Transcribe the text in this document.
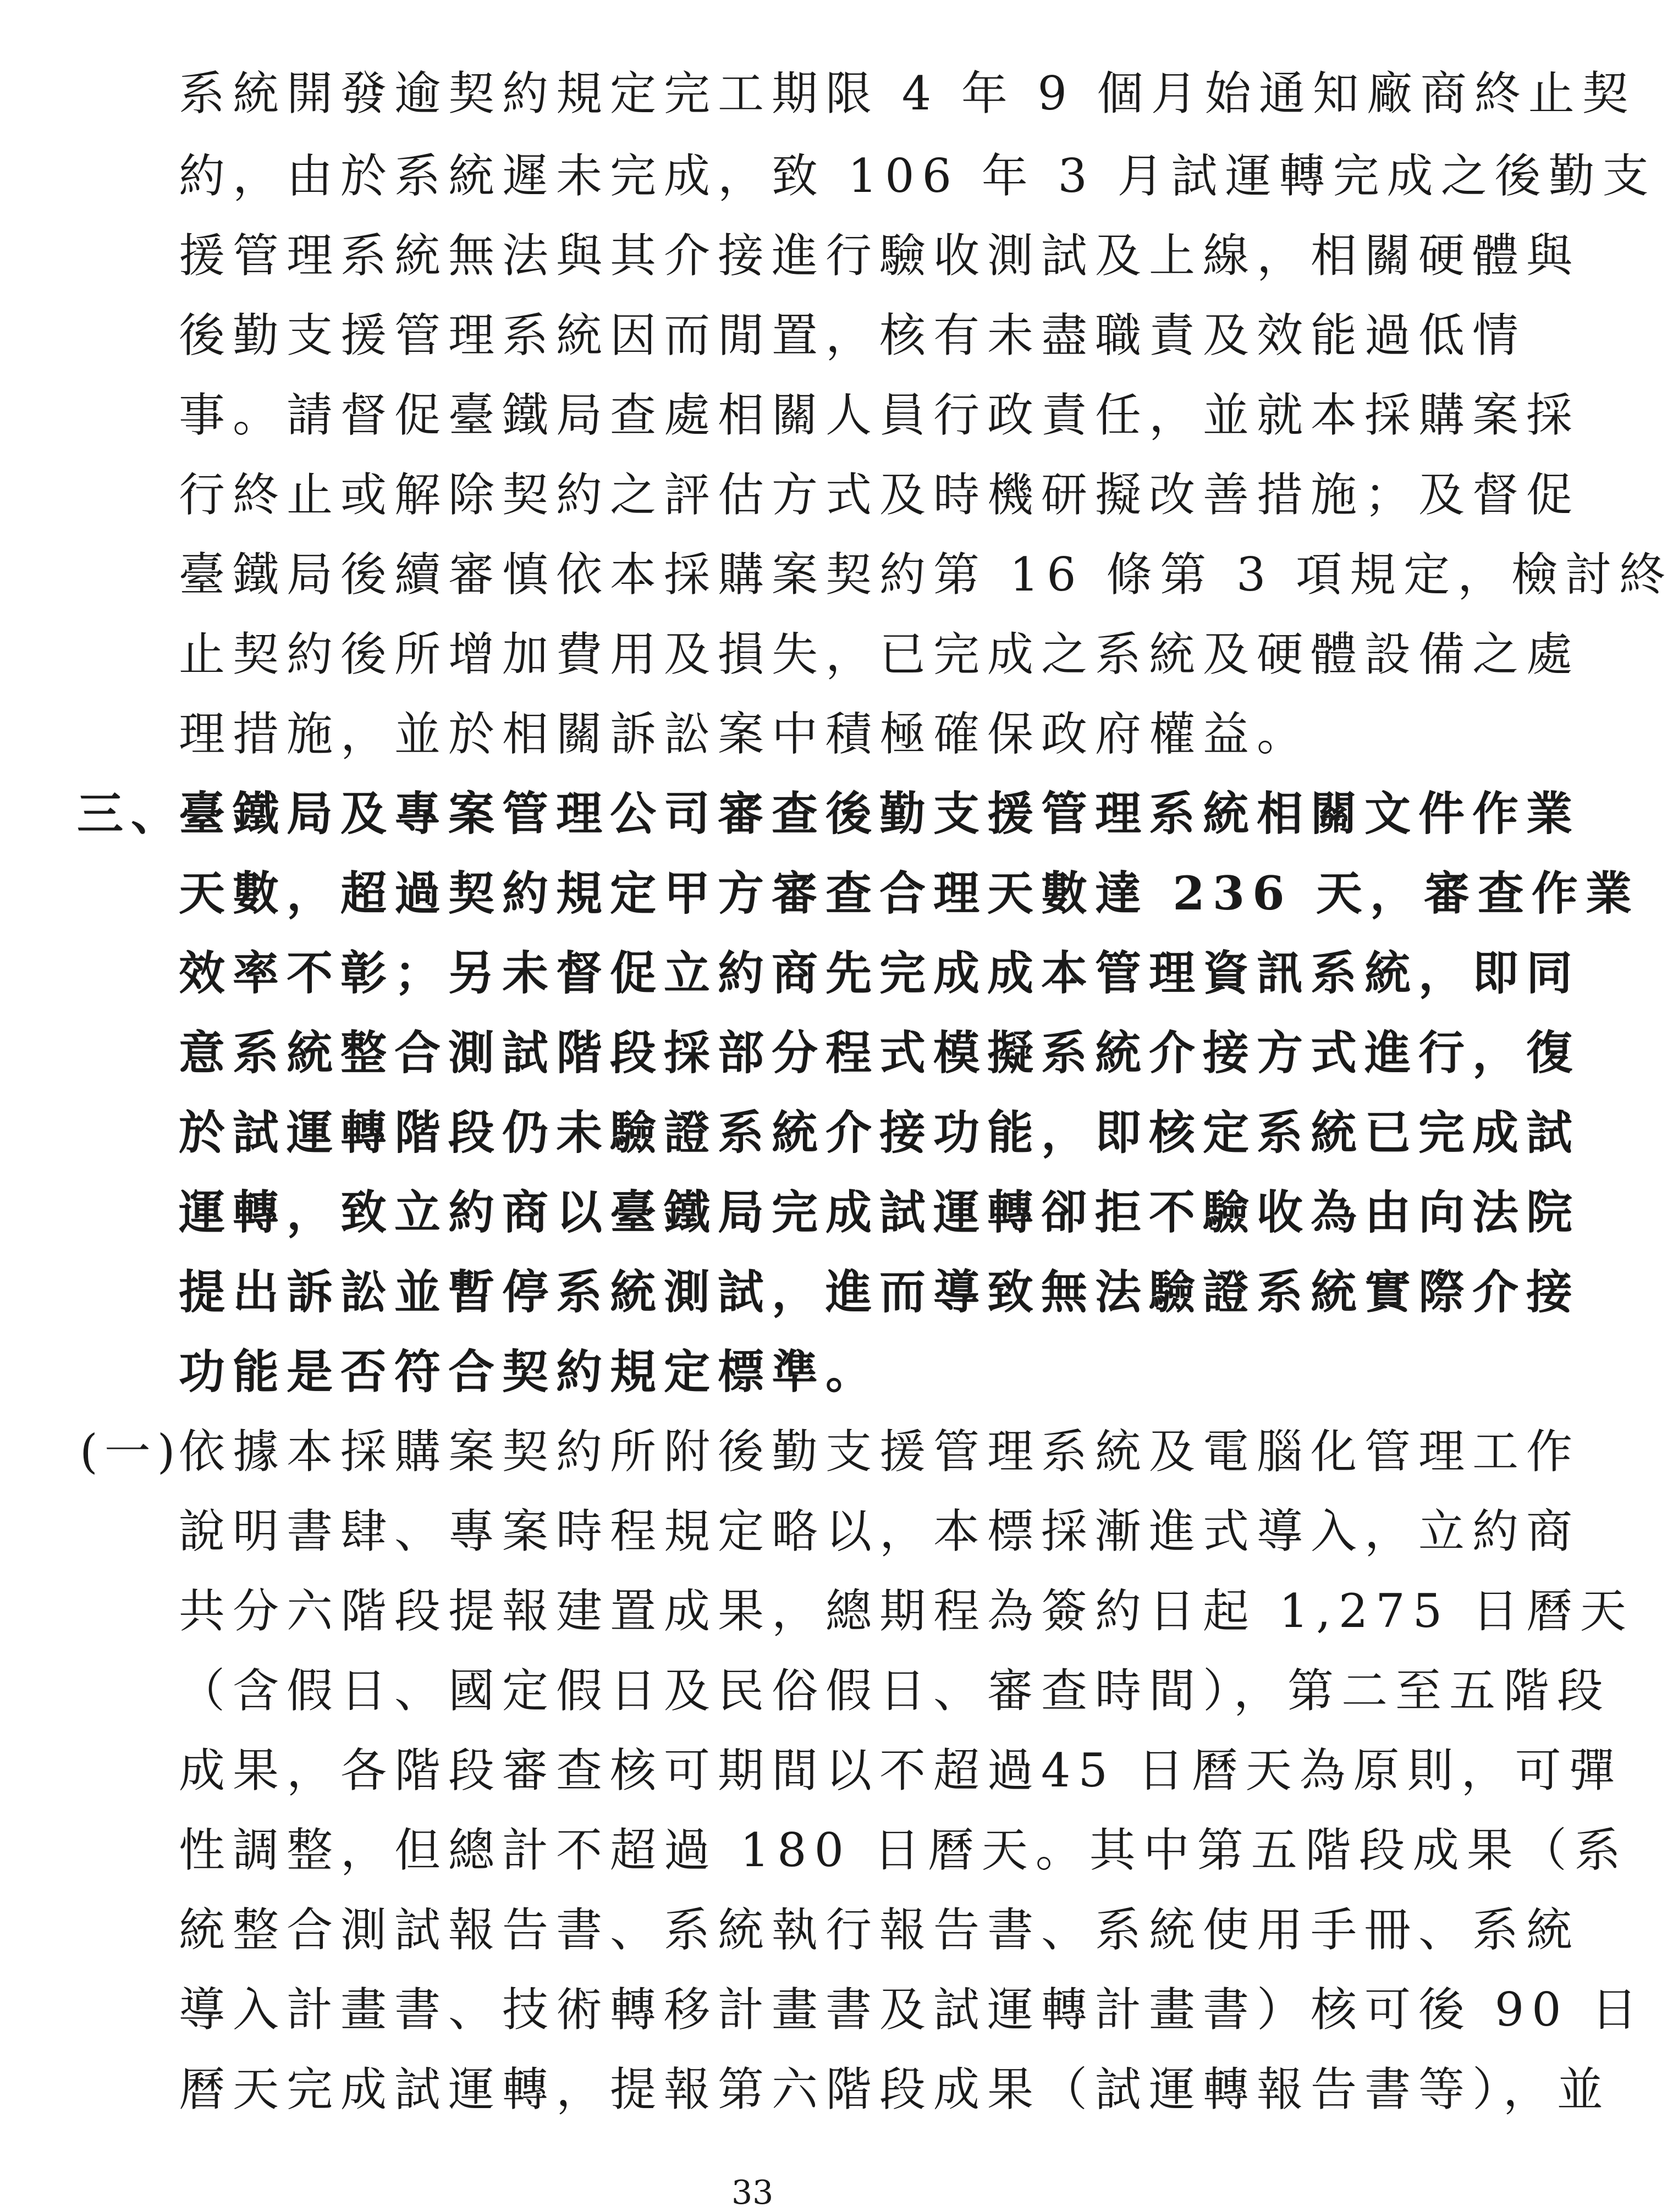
系統開發逾契約規定完工期限 4 年 9 個月始通知廠商終止契
約，由於系統遲未完成，致 106 年 3 月試運轉完成之後勤支
援管理系統無法與其介接進行驗收測試及上線，相關硬體與
後勤支援管理系統因而閒置，核有未盡職責及效能過低情
事。請督促臺鐵局查處相關人員行政責任，並就本採購案採
行終止或解除契約之評估方式及時機研擬改善措施；及督促
臺鐵局後續審慎依本採購案契約第 16 條第 3 項規定，檢討終
止契約後所增加費用及損失，已完成之系統及硬體設備之處
理措施，並於相關訴訟案中積極確保政府權益。
三、
臺鐵局及專案管理公司審查後勤支援管理系統相關文件作業
天數，超過契約規定甲方審查合理天數達 236 天，審查作業
效率不彰；另未督促立約商先完成成本管理資訊系統，即同
意系統整合測試階段採部分程式模擬系統介接方式進行，復
於試運轉階段仍未驗證系統介接功能，即核定系統已完成試
運轉，致立約商以臺鐵局完成試運轉卻拒不驗收為由向法院
提出訴訟並暫停系統測試，進而導致無法驗證系統實際介接
功能是否符合契約規定標準。
(一)
依據本採購案契約所附後勤支援管理系統及電腦化管理工作
說明書肆、專案時程規定略以，本標採漸進式導入，立約商
共分六階段提報建置成果，總期程為簽約日起 1,275 日曆天
（含假日、國定假日及民俗假日、審查時間），第二至五階段
成果，各階段審查核可期間以不超過45 日曆天為原則，可彈
性調整，但總計不超過 180 日曆天。其中第五階段成果（系
統整合測試報告書、系統執行報告書、系統使用手冊、系統
導入計畫書、技術轉移計畫書及試運轉計畫書）核可後 90 日
曆天完成試運轉，提報第六階段成果（試運轉報告書等），並
33
